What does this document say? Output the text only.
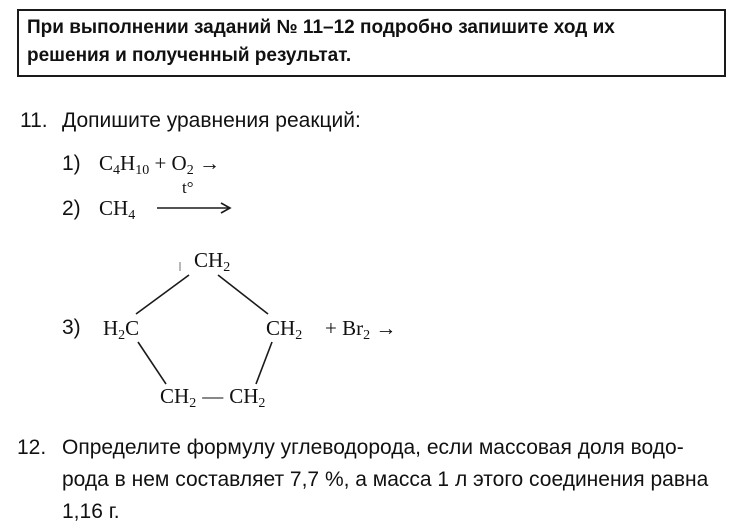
При выполнении заданий № 11–12 подробно запишите ход их
решения и полученный результат.
11. Допишите уравнения реакций:
1) $C_4H_{10} + O_2$ →
2) $CH_4$
t°
3)
$CH_2$
$H_2C$	$CH_2 + Br_2$ →
$CH_2$ — $CH_2$
12. Определите формулу углеводорода, если массовая доля водо-
рода в нем составляет 7,7 %, а масса 1 л этого соединения равна
1,16 г.
